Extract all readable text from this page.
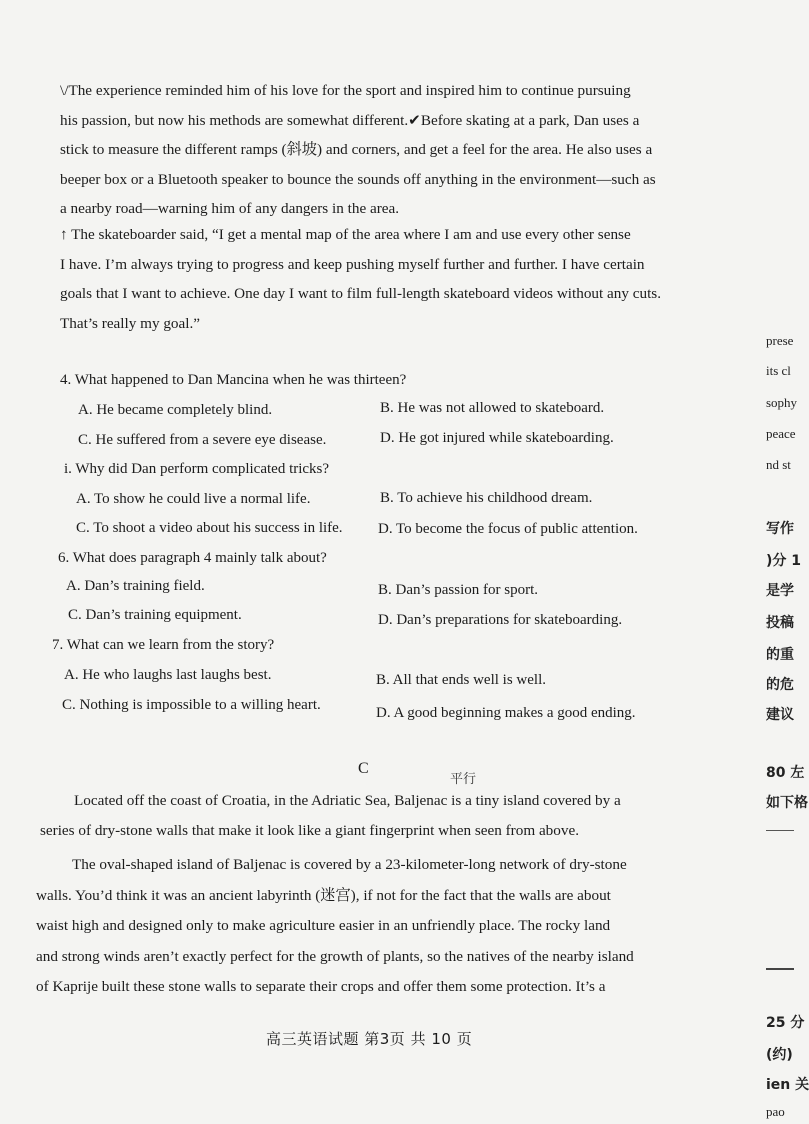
\/The experience reminded him of his love for the sport and inspired him to continue pursuing
his passion, but now his methods are somewhat different.✔Before skating at a park, Dan uses a
stick to measure the different ramps (斜坡) and corners, and get a feel for the area. He also uses a
beeper box or a Bluetooth speaker to bounce the sounds off anything in the environment—such as
a nearby road—warning him of any dangers in the area.
↑ The skateboarder said, “I get a mental map of the area where I am and use every other sense
I have. I’m always trying to progress and keep pushing myself further and further. I have certain
goals that I want to achieve. One day I want to film full-length skateboard videos without any cuts.
That’s really my goal.”
4. What happened to Dan Mancina when he was thirteen?
A. He became completely blind.	B. He was not allowed to skateboard.
C. He suffered from a severe eye disease.	D. He got injured while skateboarding.
i. Why did Dan perform complicated tricks?
A. To show he could live a normal life.	B. To achieve his childhood dream.
C. To shoot a video about his success in life. D. To become the focus of public attention.
6. What does paragraph 4 mainly talk about?
A. Dan’s training field.	B. Dan’s passion for sport.
C. Dan’s training equipment.	D. Dan’s preparations for skateboarding.
7. What can we learn from the story?
A. He who laughs last laughs best.	B. All that ends well is well.
C. Nothing is impossible to a willing heart.	D. A good beginning makes a good ending.
C
平行
Located off the coast of Croatia, in the Adriatic Sea, Baljenac is a tiny island covered by a
series of dry-stone walls that make it look like a giant fingerprint when seen from above.
The oval-shaped island of Baljenac is covered by a 23-kilometer-long network of dry-stone
walls. You’d think it was an ancient labyrinth (迷宫), if not for the fact that the walls are about
waist high and designed only to make agriculture easier in an unfriendly place. The rocky land
and strong winds aren’t exactly perfect for the growth of plants, so the natives of the nearby island
of Kaprije built these stone walls to separate their crops and offer them some protection. It’s a
高三英语试题 第3页 共 10 页
prese
its cl
sophy
peace
nd st
写作
)分 1
是学
投稿
的重
的危
建议
80 左
如下格
25 分
(约)
ien 关
pao
